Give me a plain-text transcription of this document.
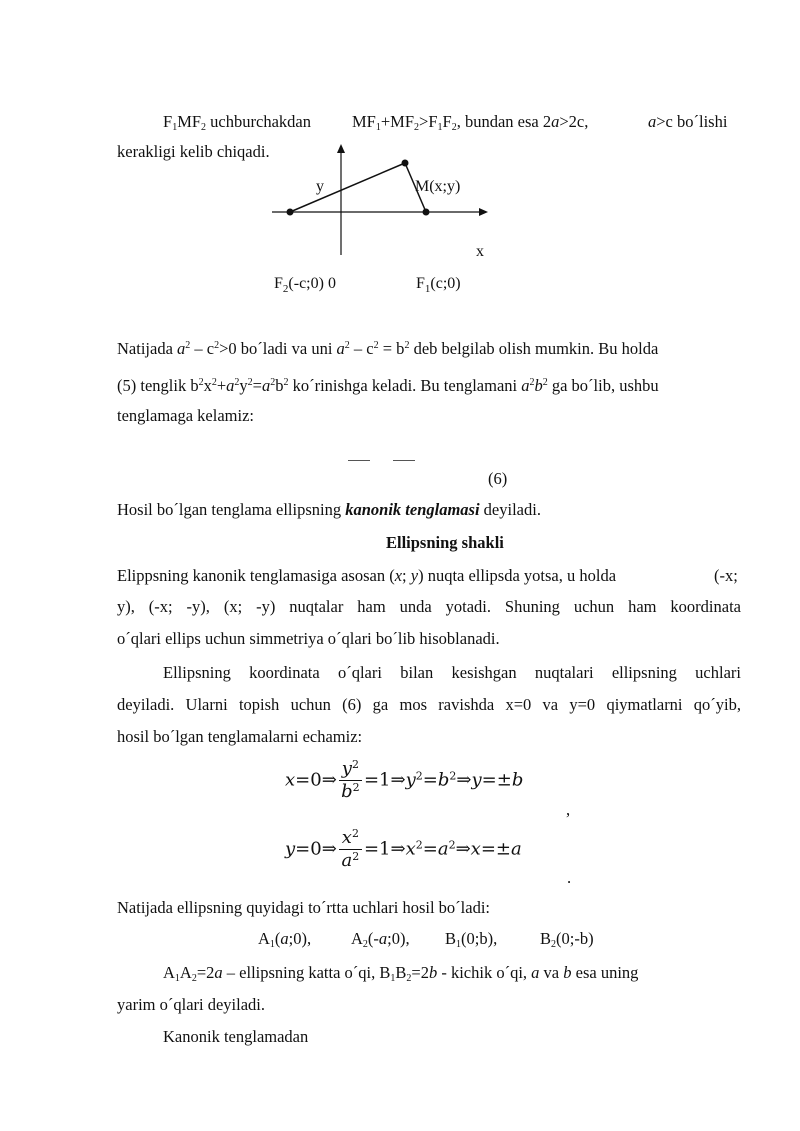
$F_1MF_2$ uchburchakdan $MF_1+MF_2>F_1F_2$, bundan esa 2a>2c,	a>c bo´lishi
kerakligi kelib chiqadi.
y	M(x;y)
x
$F_2(-c;0)$ 0	$F_1(c;0)$
Natijada $a^2 - c^2>0$ bo´ladi va uni $a^2 - c^2 = b^2$ deb belgilab olish mumkin. Bu holda
(5) tenglik $b^2x^2+a^2y^2=a^2b^2$ ko´rinishga keladi. Bu tenglamani $a^2b^2$ ga bo´lib, ushbu
tenglamaga kelamiz:
(6)
Hosil bo´lgan tenglama ellipsning kanonik tenglamasi deyiladi.
Ellipsning shakli
Elippsning kanonik tenglamasiga asosan (x; y) nuqta ellipsda yotsa, u holda	(-x;
y), (-x; -y), (x; -y) nuqtalar ham unda yotadi. Shuning uchun ham koordinata
o´qlari ellips uchun simmetriya o´qlari bo´lib hisoblanadi.
Ellipsning koordinata o´qlari bilan kesishgan nuqtalari ellipsning uchlari
deyiladi. Ularni topish uchun (6) ga mos ravishda x=0 va y=0 qiymatlarni qo´yib,
hosil bo´lgan tenglamalarni echamiz:
x=0⇒ $\frac{y^2}{b^2}$ $=1\Rightarrow y^2=b^2\Rightarrow y=\pm b$
,
y=0⇒ $\frac{x^2}{a^2}$ $=1\Rightarrow x^2=a^2\Rightarrow x=\pm a$
.
Natijada ellipsning quyidagi to´rtta uchlari hosil bo´ladi:
$A_1(a;0)$, $A_2(-a;0)$, $B_1(0;b)$,	$B_2(0;-b)$
$A_1A_2=2a$ – ellipsning katta o´qi, $B_1B_2=2b$ - kichik o´qi, a va b esa uning
yarim o´qlari deyiladi.
Kanonik tenglamadan
